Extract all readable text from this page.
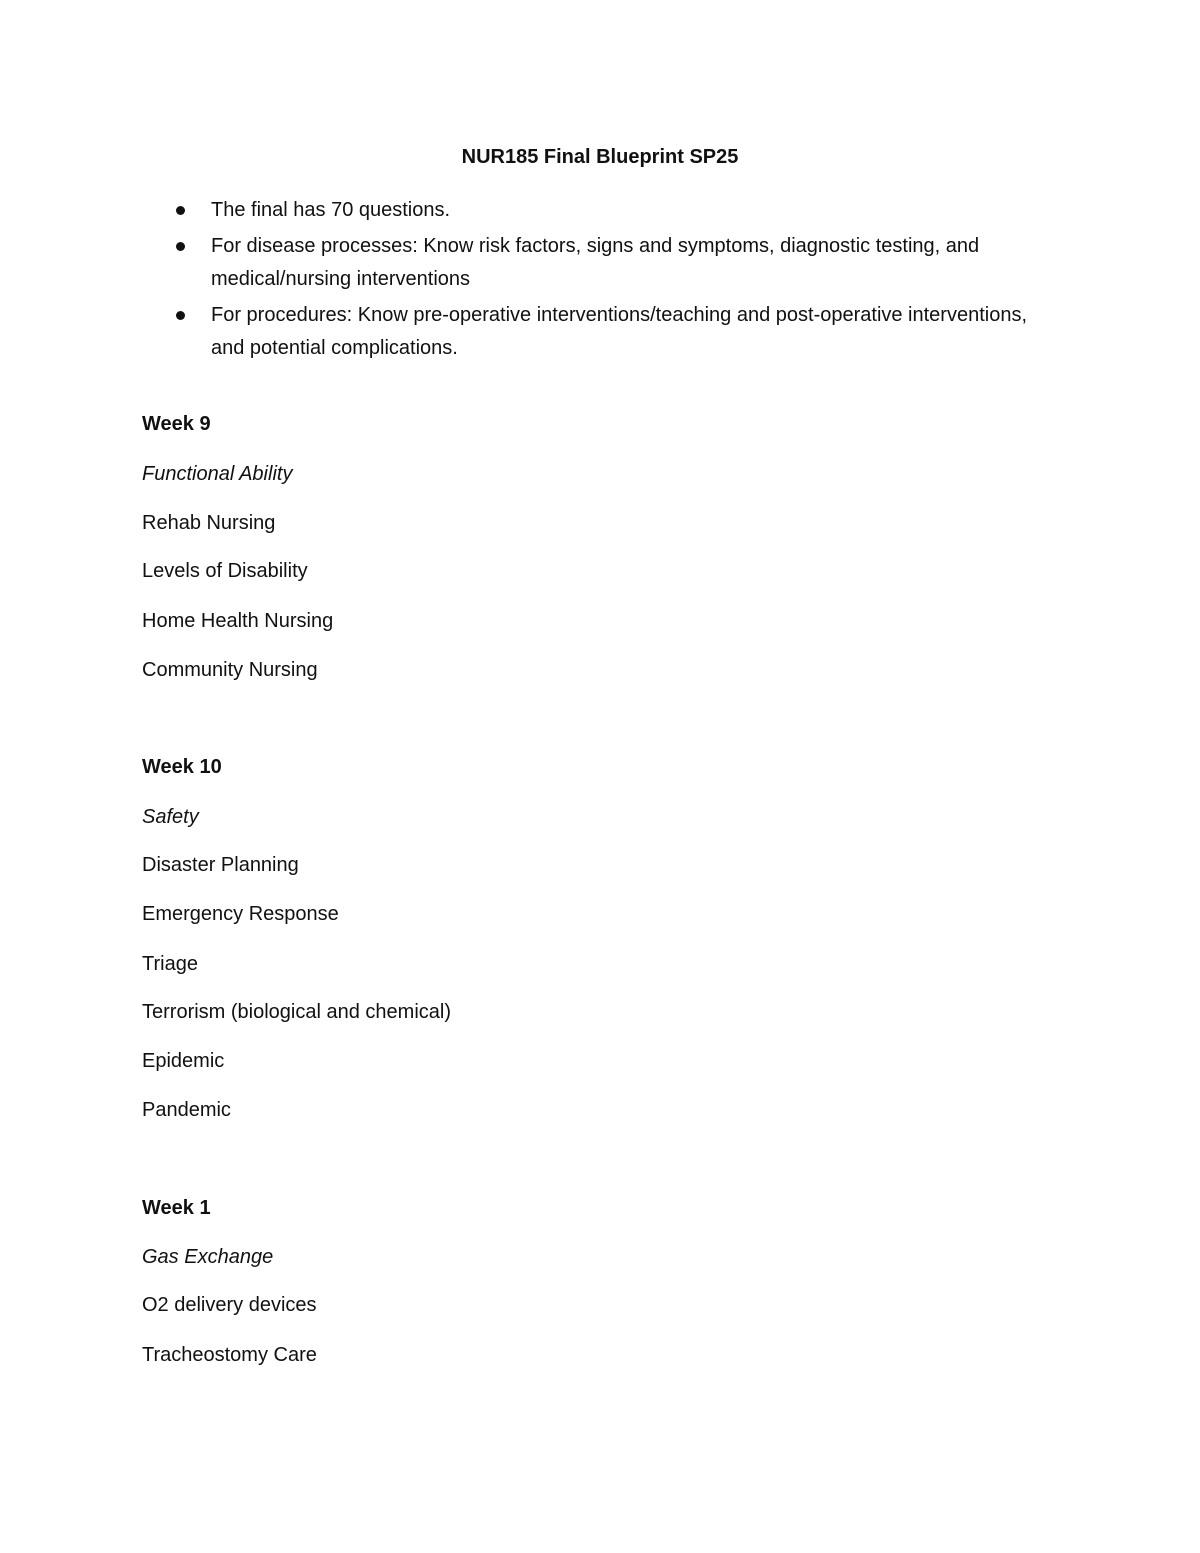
NUR185 Final Blueprint SP25
The final has 70 questions.
For disease processes: Know risk factors, signs and symptoms, diagnostic testing, and medical/nursing interventions
For procedures: Know pre-operative interventions/teaching and post-operative interventions, and potential complications.
Week 9
Functional Ability
Rehab Nursing
Levels of Disability
Home Health Nursing
Community Nursing
Week 10
Safety
Disaster Planning
Emergency Response
Triage
Terrorism (biological and chemical)
Epidemic
Pandemic
Week 1
Gas Exchange
O2 delivery devices
Tracheostomy Care
